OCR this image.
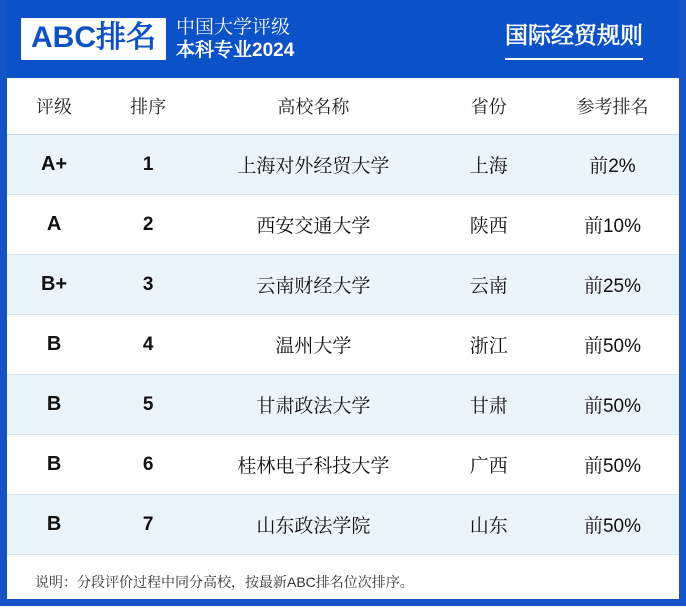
ABC排名	中国大学评级
本科专业2024
国际经贸规则
评级	排序	高校名称	省份	参考排名
A+	1	上海对外经贸大学	上海	前2%
A	2	西安交通大学	陕西	前10%
B+	3	云南财经大学	云南	前25%
B	4	温州大学	浙江	前50%
B	5	甘肃政法大学	甘肃	前50%
B	6	桂林电子科技大学	广西	前50%
B	7	山东政法学院	山东	前50%
说明：分段评价过程中同分高校，按最新ABC排名位次排序。
